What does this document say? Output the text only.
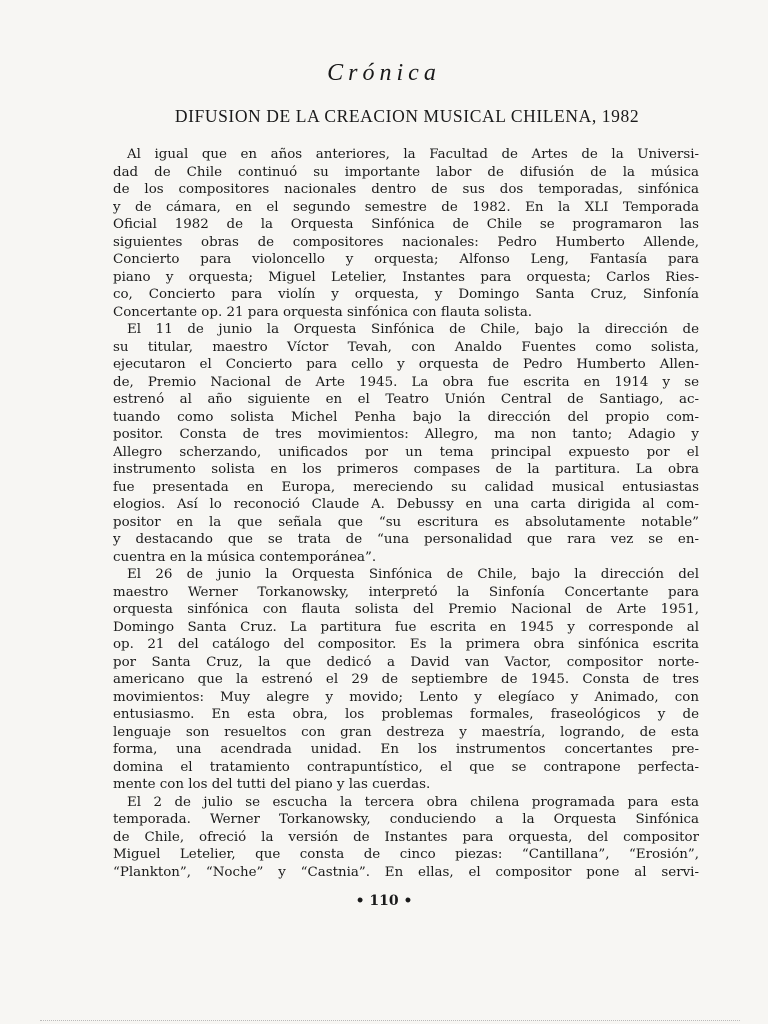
Crónica
DIFUSION DE LA CREACION MUSICAL CHILENA, 1982
Al igual que en años anteriores, la Facultad de Artes de la Universi-
dad de Chile continuó su importante labor de difusión de la música
de los compositores nacionales dentro de sus dos temporadas, sinfónica
y de cámara, en el segundo semestre de 1982. En la XLI Temporada
Oficial 1982 de la Orquesta Sinfónica de Chile se programaron las
siguientes obras de compositores nacionales: Pedro Humberto Allende,
Concierto para violoncello y orquesta; Alfonso Leng, Fantasía para
piano y orquesta; Miguel Letelier, Instantes para orquesta; Carlos Ries-
co, Concierto para violín y orquesta, y Domingo Santa Cruz, Sinfonía
Concertante op. 21 para orquesta sinfónica con flauta solista.
El 11 de junio la Orquesta Sinfónica de Chile, bajo la dirección de
su titular, maestro Víctor Tevah, con Analdo Fuentes como solista,
ejecutaron el Concierto para cello y orquesta de Pedro Humberto Allen-
de, Premio Nacional de Arte 1945. La obra fue escrita en 1914 y se
estrenó al año siguiente en el Teatro Unión Central de Santiago, ac-
tuando como solista Michel Penha bajo la dirección del propio com-
positor. Consta de tres movimientos: Allegro, ma non tanto; Adagio y
Allegro scherzando, unificados por un tema principal expuesto por el
instrumento solista en los primeros compases de la partitura. La obra
fue presentada en Europa, mereciendo su calidad musical entusiastas
elogios. Así lo reconoció Claude A. Debussy en una carta dirigida al com-
positor en la que señala que “su escritura es absolutamente notable”
y destacando que se trata de “una personalidad que rara vez se en-
cuentra en la música contemporánea”.
El 26 de junio la Orquesta Sinfónica de Chile, bajo la dirección del
maestro Werner Torkanowsky, interpretó la Sinfonía Concertante para
orquesta sinfónica con flauta solista del Premio Nacional de Arte 1951,
Domingo Santa Cruz. La partitura fue escrita en 1945 y corresponde al
op. 21 del catálogo del compositor. Es la primera obra sinfónica escrita
por Santa Cruz, la que dedicó a David van Vactor, compositor norte-
americano que la estrenó el 29 de septiembre de 1945. Consta de tres
movimientos: Muy alegre y movido; Lento y elegíaco y Animado, con
entusiasmo. En esta obra, los problemas formales, fraseológicos y de
lenguaje son resueltos con gran destreza y maestría, logrando, de esta
forma, una acendrada unidad. En los instrumentos concertantes pre-
domina el tratamiento contrapuntístico, el que se contrapone perfecta-
mente con los del tutti del piano y las cuerdas.
El 2 de julio se escucha la tercera obra chilena programada para esta
temporada. Werner Torkanowsky, conduciendo a la Orquesta Sinfónica
de Chile, ofreció la versión de Instantes para orquesta, del compositor
Miguel Letelier, que consta de cinco piezas: “Cantillana”, “Erosión”,
“Plankton”, “Noche” y “Castnia”. En ellas, el compositor pone al servi-
• 110 •
